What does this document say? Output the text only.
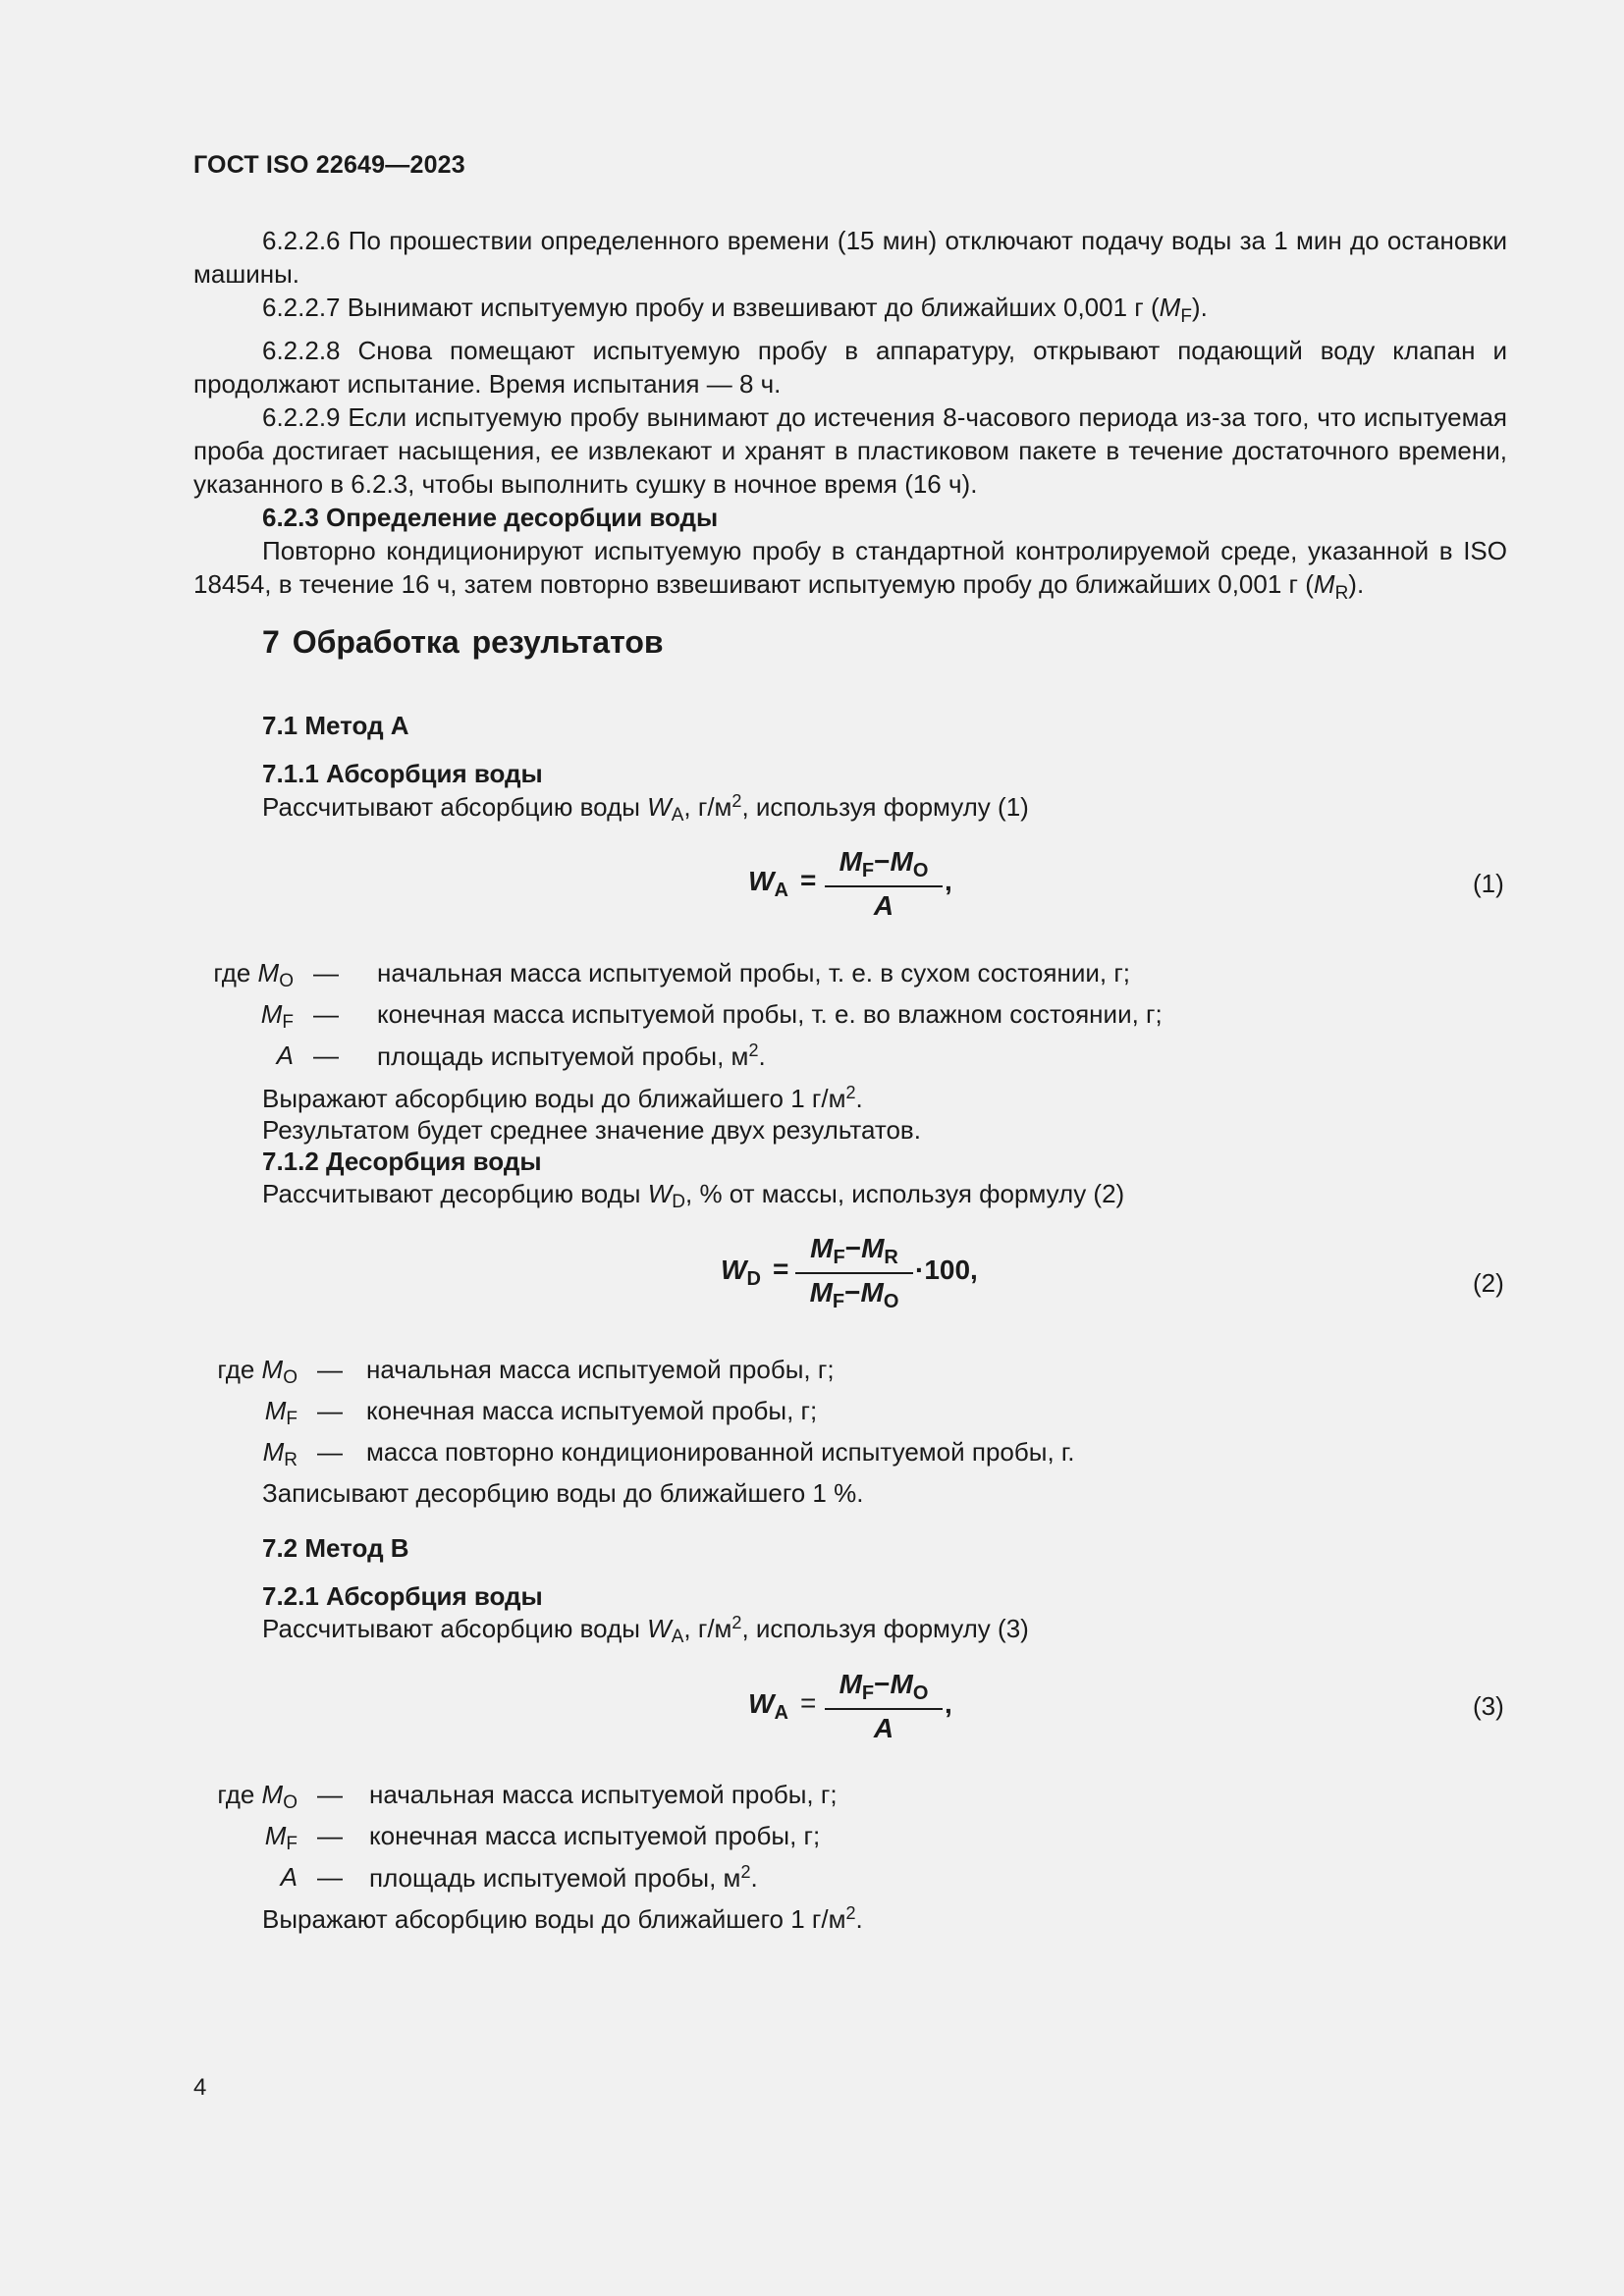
ГОСТ ISO 22649—2023

6.2.2.6 По прошествии определенного времени (15 мин) отключают подачу воды за 1 мин до остановки машины.

6.2.2.7 Вынимают испытуемую пробу и взвешивают до ближайших 0,001 г $(M_F)$.

6.2.2.8 Снова помещают испытуемую пробу в аппаратуру, открывают подающий воду клапан и продолжают испытание. Время испытания — 8 ч.

6.2.2.9 Если испытуемую пробу вынимают до истечения 8-часового периода из-за того, что испытуемая проба достигает насыщения, ее извлекают и хранят в пластиковом пакете в течение достаточного времени, указанного в 6.2.3, чтобы выполнить сушку в ночное время (16 ч).

6.2.3 Определение десорбции воды

Повторно кондиционируют испытуемую пробу в стандартной контролируемой среде, указанной в ISO 18454, в течение 16 ч, затем повторно взвешивают испытуемую пробу до ближайших 0,001 г $(M_R)$.

7 Обработка результатов
7.1 Метод A
7.1.1 Абсорбция воды
Рассчитывают абсорбцию воды $W_A$, $г/м^2$, используя формулу (1)
$W_A$ =
$M_F-M_O$
A
,	(1)
где $M_O$ — начальная масса испытуемой пробы, т. е. в сухом состоянии, г;
$M_F$ — конечная масса испытуемой пробы, т. е. во влажном состоянии, г;
A — площадь испытуемой пробы, $м^2$.
Выражают абсорбцию воды до ближайшего 1 $г/м^2$.
Результатом будет среднее значение двух результатов.
7.1.2 Десорбция воды
Рассчитывают десорбцию воды $W_D$, % от массы, используя формулу (2)
$W_D$ =
$M_F-M_R$
$M_F-M_O$
·100,	(2)
где $M_O$ — начальная масса испытуемой пробы, г;
$M_F$ — конечная масса испытуемой пробы, г;
$M_R$ — масса повторно кондиционированной испытуемой пробы, г.
Записывают десорбцию воды до ближайшего 1 %.
7.2 Метод B
7.2.1 Абсорбция воды
Рассчитывают абсорбцию воды $W_A$, $г/м^2$, используя формулу (3)
$W_A$ =
$M_F-M_O$
A
,	(3)
где $M_O$ — начальная масса испытуемой пробы, г;
$M_F$ — конечная масса испытуемой пробы, г;
A — площадь испытуемой пробы, $м^2$.
Выражают абсорбцию воды до ближайшего 1 $г/м^2$.
4
